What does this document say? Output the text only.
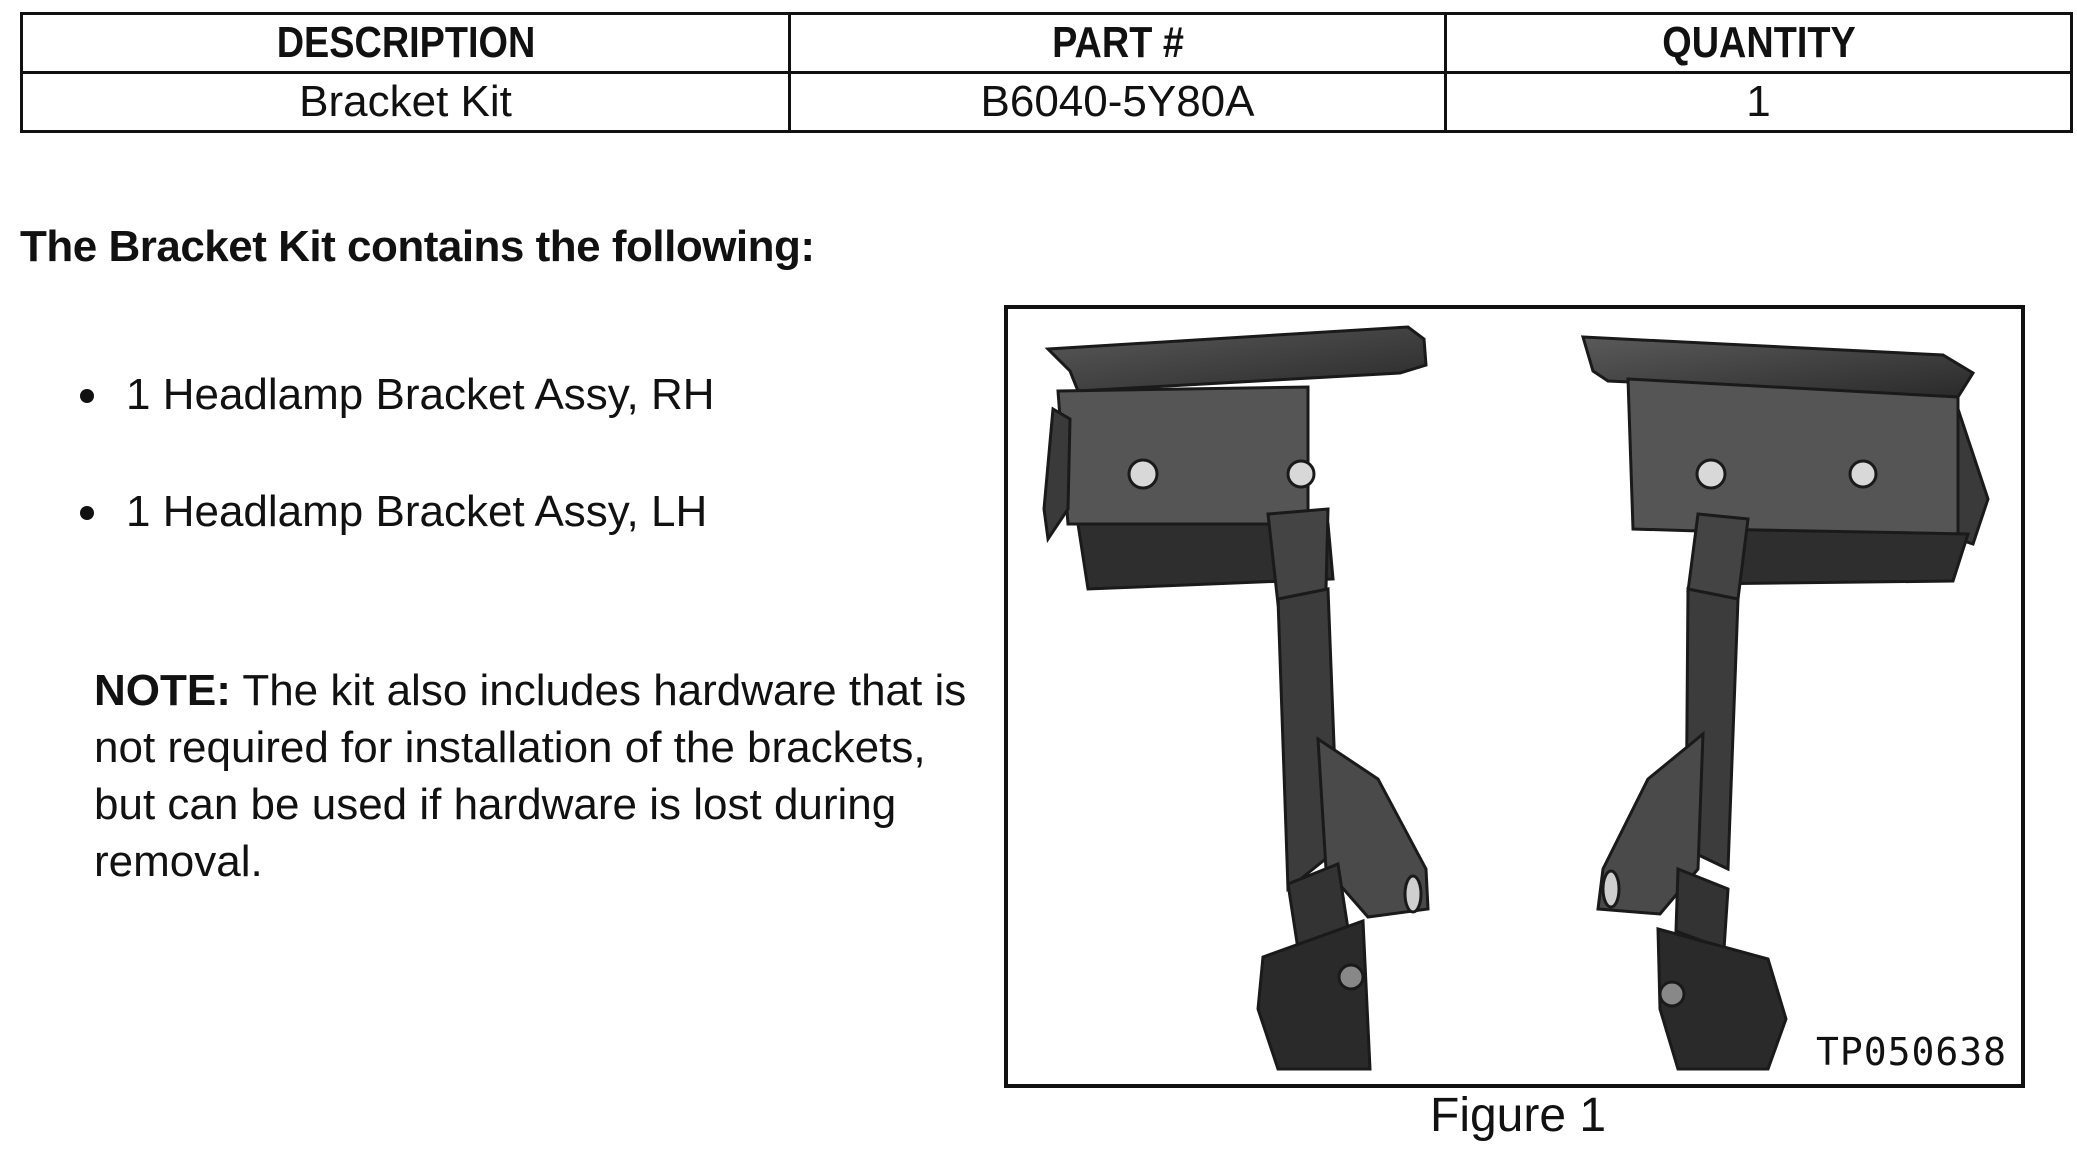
DESCRIPTION	PART #	QUANTITY
Bracket Kit	B6040-5Y80A	1
The Bracket Kit contains the following:
1 Headlamp Bracket Assy, RH
1 Headlamp Bracket Assy, LH

NOTE: The kit also includes hardware that is not required for installation of the brackets, but can be used if hardware is lost during removal.

TP050638

Figure 1
